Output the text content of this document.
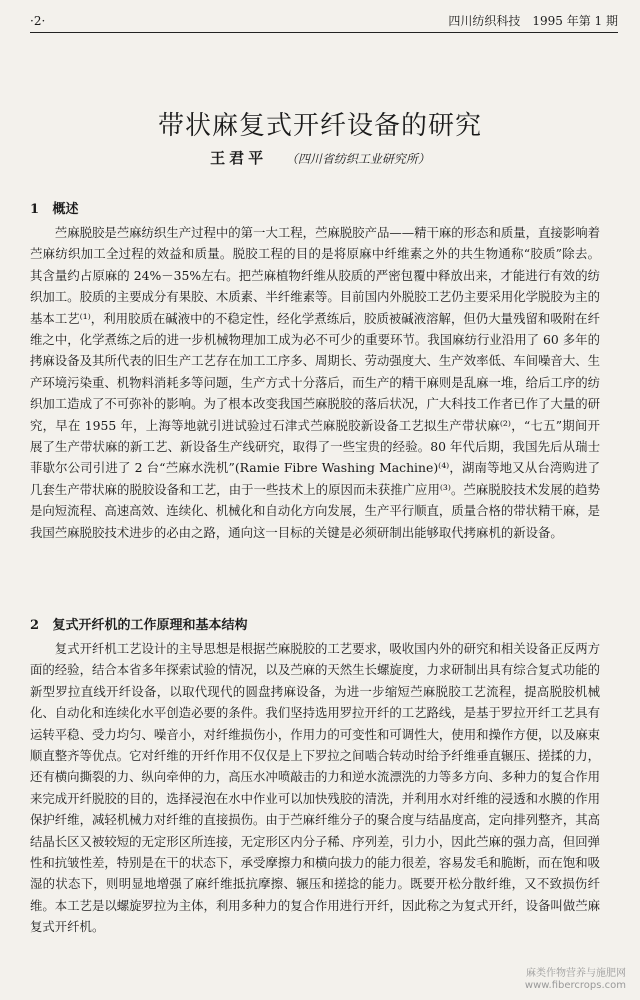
·2·	四川纺织科技　1995 年第 1 期
带状麻复式开纤设备的研究
王君平 （四川省纺织工业研究所）
1 概述

苎麻脱胶是苎麻纺织生产过程中的第一大工程，苎麻脱胶产品——精干麻的形态和质量，直接影响着苎麻纺织加工全过程的效益和质量。脱胶工程的目的是将原麻中纤维素之外的共生物通称“胶质”除去。其含量约占原麻的 24%－35%左右。把苎麻植物纤维从胶质的严密包覆中释放出来，才能进行有效的纺织加工。胶质的主要成分有果胶、木质素、半纤维素等。目前国内外脱胶工艺仍主要采用化学脱胶为主的基本工艺⁽¹⁾，利用胶质在碱液中的不稳定性，经化学煮练后，胶质被碱液溶解，但仍大量残留和吸附在纤维之中，化学煮练之后的进一步机械物理加工成为必不可少的重要环节。我国麻纺行业沿用了 60 多年的拷麻设备及其所代表的旧生产工艺存在加工工序多、周期长、劳动强度大、生产效率低、车间噪音大、生产环境污染重、机物料消耗多等问题，生产方式十分落后，而生产的精干麻则是乱麻一堆，给后工序的纺织加工造成了不可弥补的影响。为了根本改变我国苎麻脱胶的落后状况，广大科技工作者已作了大量的研究，早在 1955 年，上海等地就引进试验过石津式苎麻脱胶新设备工艺拟生产带状麻⁽²⁾，“七五”期间开展了生产带状麻的新工艺、新设备生产线研究，取得了一些宝贵的经验。80 年代后期，我国先后从瑞士菲歇尔公司引进了 2 台“苎麻水洗机”(Ramie Fibre Washing Machine)⁽⁴⁾，湖南等地又从台湾购进了几套生产带状麻的脱胶设备和工艺，由于一些技术上的原因而未获推广应用⁽³⁾。苎麻脱胶技术发展的趋势是向短流程、高速高效、连续化、机械化和自动化方向发展，生产平行顺直，质量合格的带状精干麻，是我国苎麻脱胶技术进步的必由之路，通向这一目标的关键是必须研制出能够取代拷麻机的新设备。

2 复式开纤机的工作原理和基本结构

复式开纤机工艺设计的主导思想是根据苎麻脱胶的工艺要求，吸收国内外的研究和相关设备正反两方面的经验，结合本省多年探索试验的情况，以及苎麻的天然生长螺旋度，力求研制出具有综合复式功能的新型罗拉直线开纤设备，以取代现代的圆盘拷麻设备，为进一步缩短苎麻脱胶工艺流程，提高脱胶机械化、自动化和连续化水平创造必要的条件。我们坚持选用罗拉开纤的工艺路线，是基于罗拉开纤工艺具有运转平稳、受力均匀、噪音小，对纤维损伤小，作用力的可变性和可调性大，使用和操作方便，以及麻束顺直整齐等优点。它对纤维的开纤作用不仅仅是上下罗拉之间啮合转动时给予纤维垂直辗压、搓揉的力，还有横向撕裂的力、纵向牵伸的力，高压水冲喷敲击的力和逆水流漂洗的力等多方向、多种力的复合作用来完成开纤脱胶的目的，选择浸泡在水中作业可以加快残胶的清洗，并利用水对纤维的浸透和水膜的作用保护纤维，减轻机械力对纤维的直接损伤。由于苎麻纤维分子的聚合度与结晶度高，定向排列整齐，其高结晶长区又被较短的无定形区所连接，无定形区内分子稀、序列差，引力小，因此苎麻的强力高，但回弹性和抗皱性差，特别是在干的状态下，承受摩擦力和横向拔力的能力很差，容易发毛和脆断，而在饱和吸湿的状态下，则明显地增强了麻纤维抵抗摩擦、辗压和搓捻的能力。既要开松分散纤维，又不致损伤纤维。本工艺是以螺旋罗拉为主体，利用多种力的复合作用进行开纤，因此称之为复式开纤，设备叫做苎麻复式开纤机。

麻类作物营养与施肥网
www.fibercrops.com
